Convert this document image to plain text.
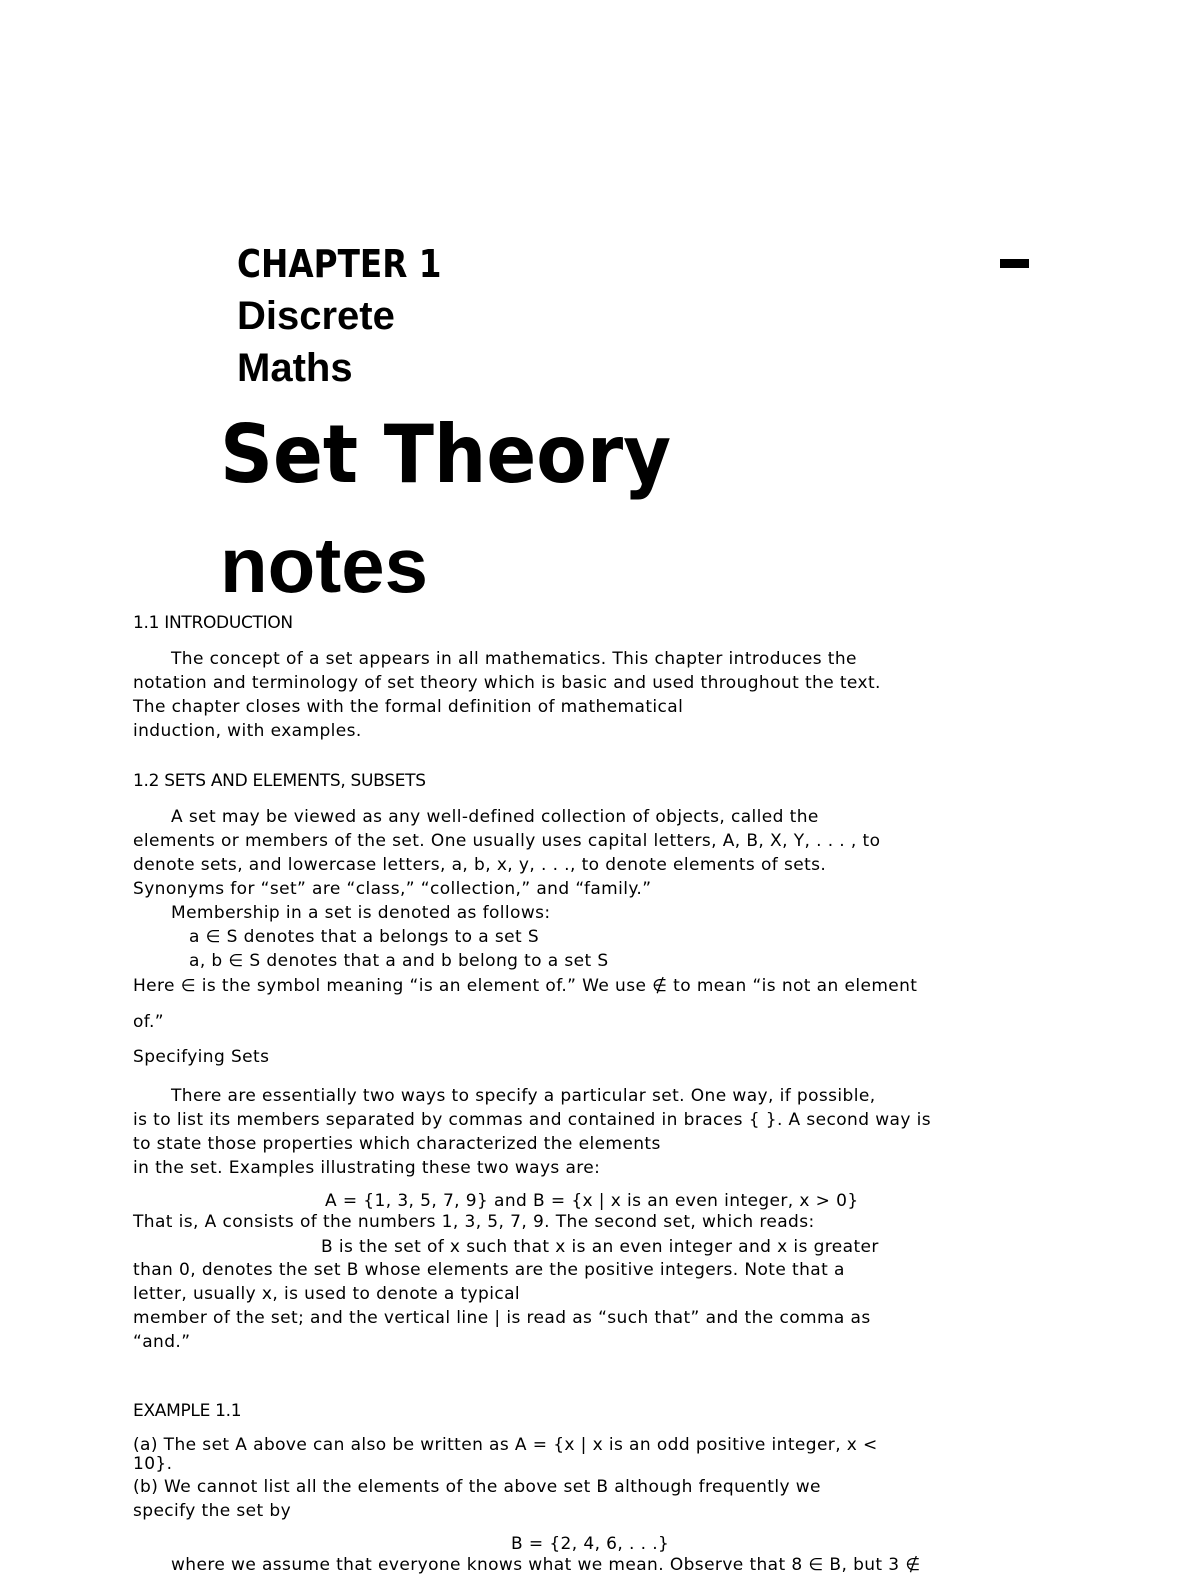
CHAPTER 1
Discrete
Maths
Set Theory
notes
1.1 INTRODUCTION
The concept of a set appears in all mathematics. This chapter introduces the
notation and terminology of set theory which is basic and used throughout the text.
The chapter closes with the formal definition of mathematical
induction, with examples.
1.2 SETS AND ELEMENTS, SUBSETS
A set may be viewed as any well-defined collection of objects, called the
elements or members of the set. One usually uses capital letters, A, B, X, Y, . . . , to
denote sets, and lowercase letters, a, b, x, y, . . ., to denote elements of sets.
Synonyms for “set” are “class,” “collection,” and “family.”
Membership in a set is denoted as follows:
a ∈ S denotes that a belongs to a set S
a, b ∈ S denotes that a and b belong to a set S
Here ∈ is the symbol meaning “is an element of.” We use ∉ to mean “is not an element
of.”
Specifying Sets
There are essentially two ways to specify a particular set. One way, if possible,
is to list its members separated by commas and contained in braces { }. A second way is
to state those properties which characterized the elements
in the set. Examples illustrating these two ways are:
A = {1, 3, 5, 7, 9} and B = {x | x is an even integer, x > 0}
That is, A consists of the numbers 1, 3, 5, 7, 9. The second set, which reads:
B is the set of x such that x is an even integer and x is greater
than 0, denotes the set B whose elements are the positive integers. Note that a
letter, usually x, is used to denote a typical
member of the set; and the vertical line | is read as “such that” and the comma as
“and.”
EXAMPLE 1.1
(a) The set A above can also be written as A = {x | x is an odd positive integer, x <
10}.
(b) We cannot list all the elements of the above set B although frequently we
specify the set by
B = {2, 4, 6, . . .}
where we assume that everyone knows what we mean. Observe that 8 ∈ B, but 3 ∉
